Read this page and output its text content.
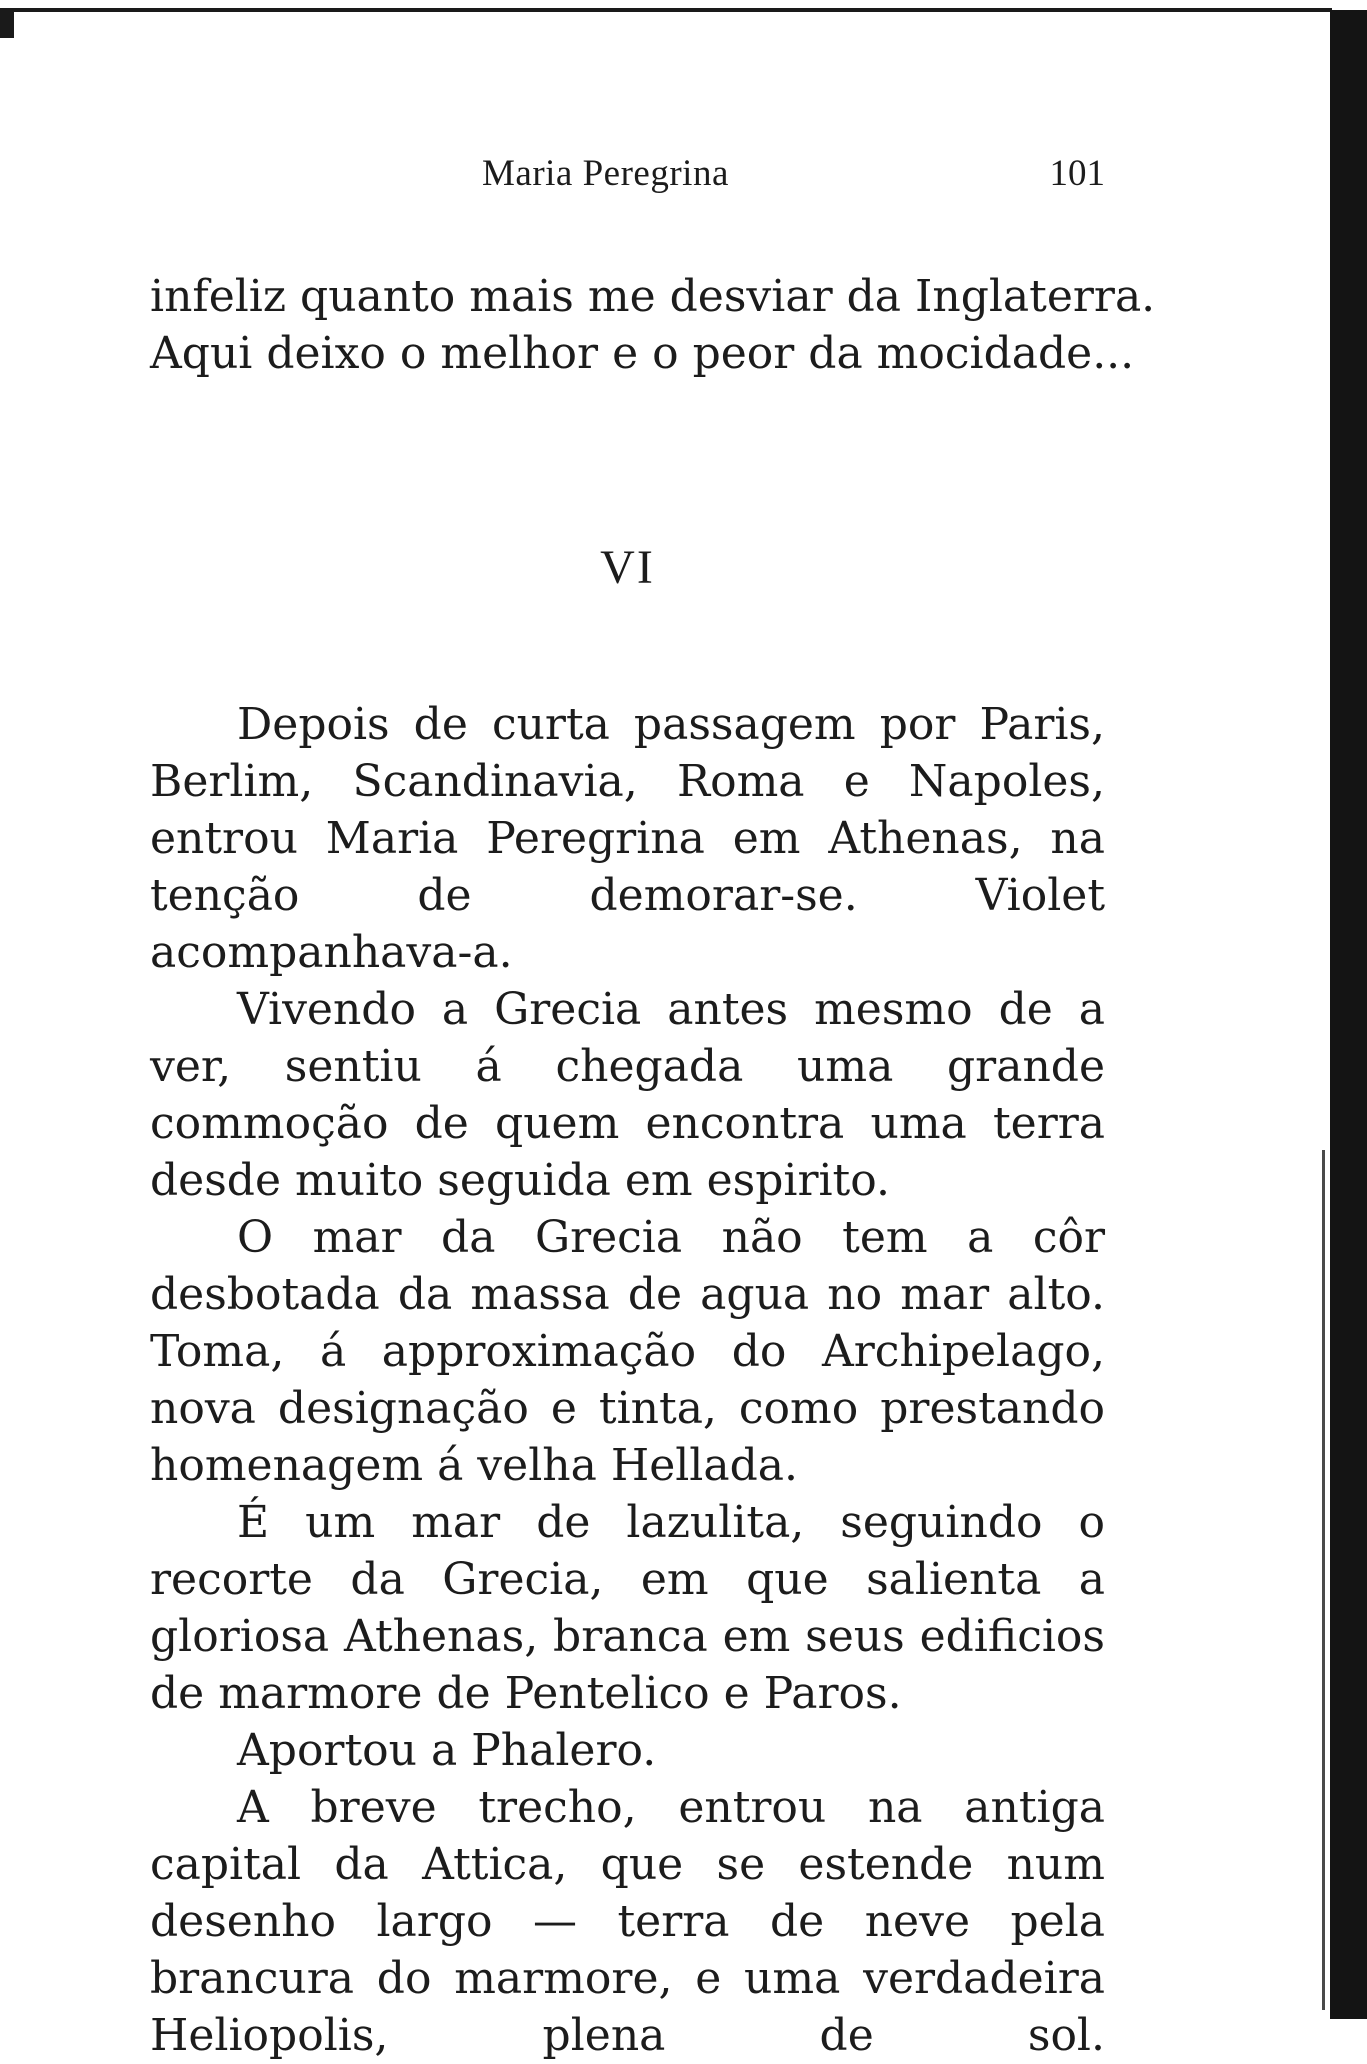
Maria Peregrina	101

infeliz quanto mais me desviar da Inglaterra.

Aqui deixo o melhor e o peor da mocidade...

VI

Depois de curta passagem por Paris, Berlim, Scandinavia, Roma e Napoles, entrou Maria Peregrina em Athenas, na tenção de demorar-se. Violet acompanhava-a.

Vivendo a Grecia antes mesmo de a ver, sentiu á chegada uma grande commoção de quem encontra uma terra desde muito seguida em espirito.

O mar da Grecia não tem a côr desbotada da massa de agua no mar alto. Toma, á approximação do Archipelago, nova designação e tinta, como prestando homenagem á velha Hellada.

É um mar de lazulita, seguindo o recorte da Grecia, em que salienta a gloriosa Athenas, branca em seus edificios de marmore de Pentelico e Paros.

Aportou a Phalero.

A breve trecho, entrou na antiga capital da Attica, que se estende num desenho largo — terra de neve pela brancura do marmore, e uma verdadeira Heliopolis, plena de sol.
